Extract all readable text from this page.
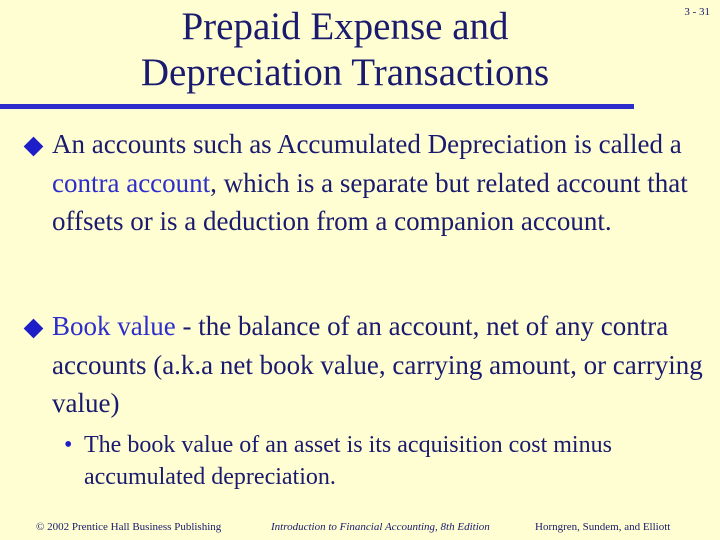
Prepaid Expense and
Depreciation Transactions
3 - 31
An accounts such as Accumulated Depreciation is called a contra account, which is a separate but related account that offsets or is a deduction from a companion account.
Book value - the balance of an account, net of any contra accounts (a.k.a net book value, carrying amount, or carrying value)
• The book value of an asset is its acquisition cost minus accumulated depreciation.
© 2002 Prentice Hall Business Publishing	Introduction to Financial Accounting, 8th Edition	Horngren, Sundem, and Elliott
